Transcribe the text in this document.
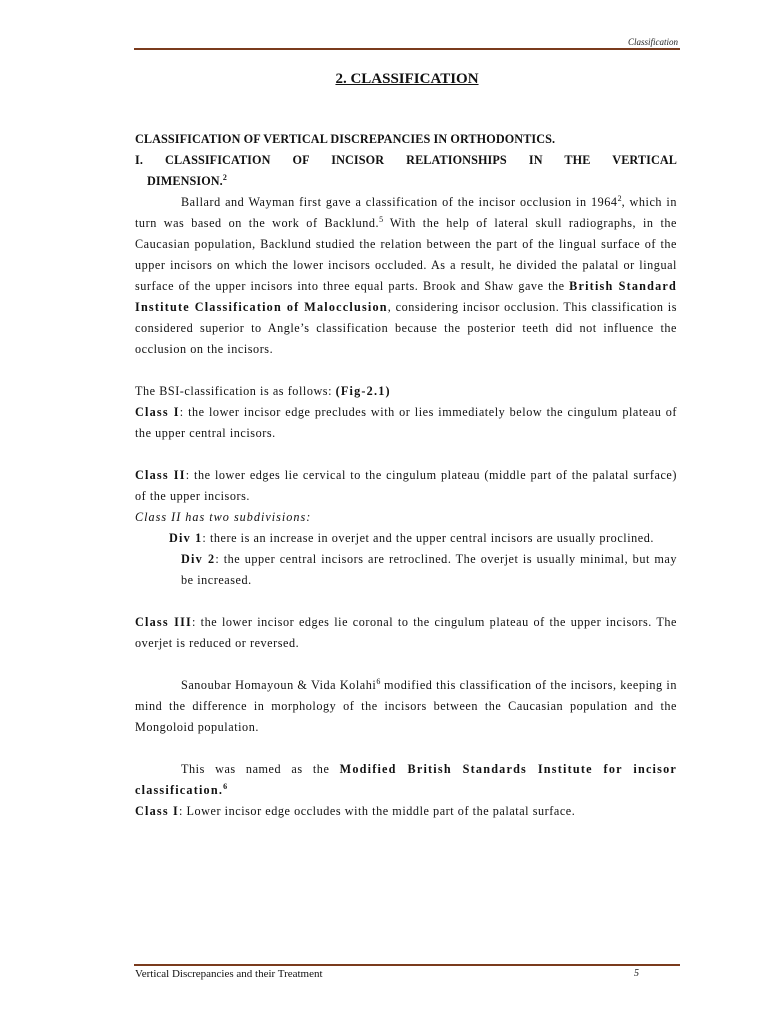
Classification
2. CLASSIFICATION
CLASSIFICATION OF VERTICAL DISCREPANCIES IN ORTHODONTICS.
I. CLASSIFICATION OF INCISOR RELATIONSHIPS IN THE VERTICAL
DIMENSION.$^2$

Ballard and Wayman first gave a classification of the incisor occlusion in 1964$^2$, which in turn was based on the work of Backlund.$^5$ With the help of lateral skull radiographs, in the Caucasian population, Backlund studied the relation between the part of the lingual surface of the upper incisors on which the lower incisors occluded. As a result, he divided the palatal or lingual surface of the upper incisors into three equal parts. Brook and Shaw gave the British Standard Institute Classification of Malocclusion, considering incisor occlusion. This classification is considered superior to Angle’s classification because the posterior teeth did not influence the occlusion on the incisors.

The BSI-classification is as follows: (Fig-2.1)

Class I: the lower incisor edge precludes with or lies immediately below the cingulum plateau of the upper central incisors.

Class II: the lower edges lie cervical to the cingulum plateau (middle part of the palatal surface) of the upper incisors.

Class II has two subdivisions:

Div 1: there is an increase in overjet and the upper central incisors are usually proclined.

Div 2: the upper central incisors are retroclined. The overjet is usually minimal, but may be increased.

Class III: the lower incisor edges lie coronal to the cingulum plateau of the upper incisors. The overjet is reduced or reversed.

Sanoubar Homayoun & Vida Kolahi$^6$ modified this classification of the incisors, keeping in mind the difference in morphology of the incisors between the Caucasian population and the Mongoloid population.

This was named as the Modified British Standards Institute for incisor classification.$^6$

Class I: Lower incisor edge occludes with the middle part of the palatal surface.

Vertical Discrepancies and their Treatment	5
